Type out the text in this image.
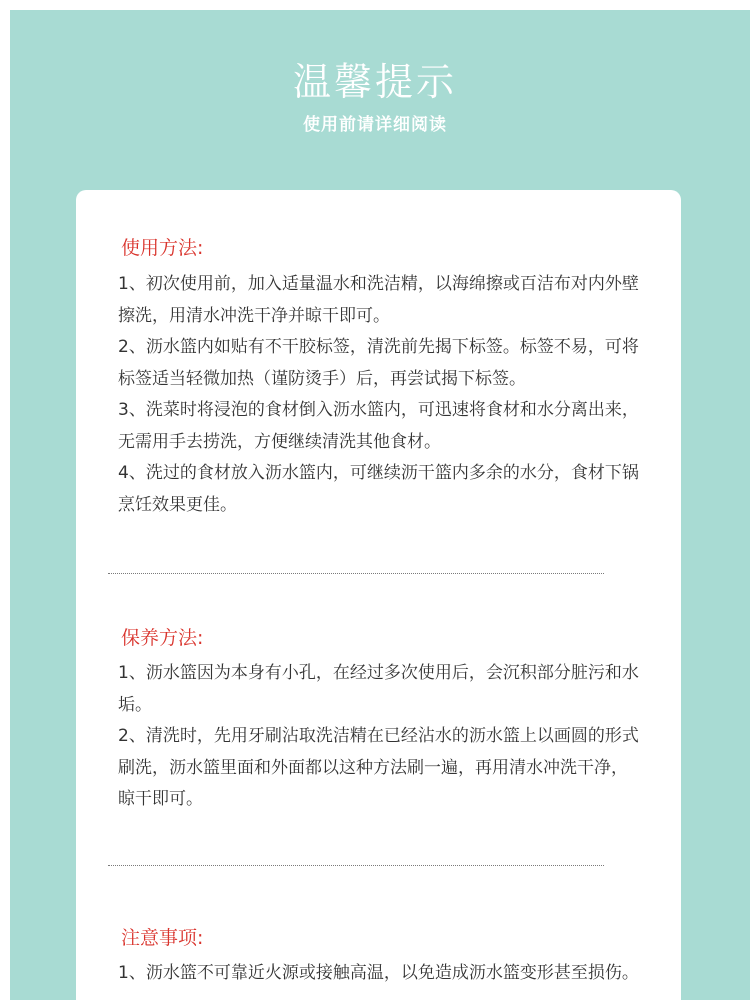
温馨提示
使用前请详细阅读
使用方法:
1、初次使用前，加入适量温水和洗洁精，以海绵擦或百洁布对内外壁擦洗，用清水冲洗干净并晾干即可。
2、沥水篮内如贴有不干胶标签，清洗前先揭下标签。标签不易，可将标签适当轻微加热（谨防烫手）后，再尝试揭下标签。
3、洗菜时将浸泡的食材倒入沥水篮内，可迅速将食材和水分离出来，无需用手去捞洗，方便继续清洗其他食材。
4、洗过的食材放入沥水篮内，可继续沥干篮内多余的水分，食材下锅烹饪效果更佳。
保养方法:
1、沥水篮因为本身有小孔，在经过多次使用后，会沉积部分脏污和水垢。
2、清洗时，先用牙刷沾取洗洁精在已经沾水的沥水篮上以画圆的形式刷洗，沥水篮里面和外面都以这种方法刷一遍，再用清水冲洗干净，晾干即可。
注意事项:
1、沥水篮不可靠近火源或接触高温，以免造成沥水篮变形甚至损伤。
